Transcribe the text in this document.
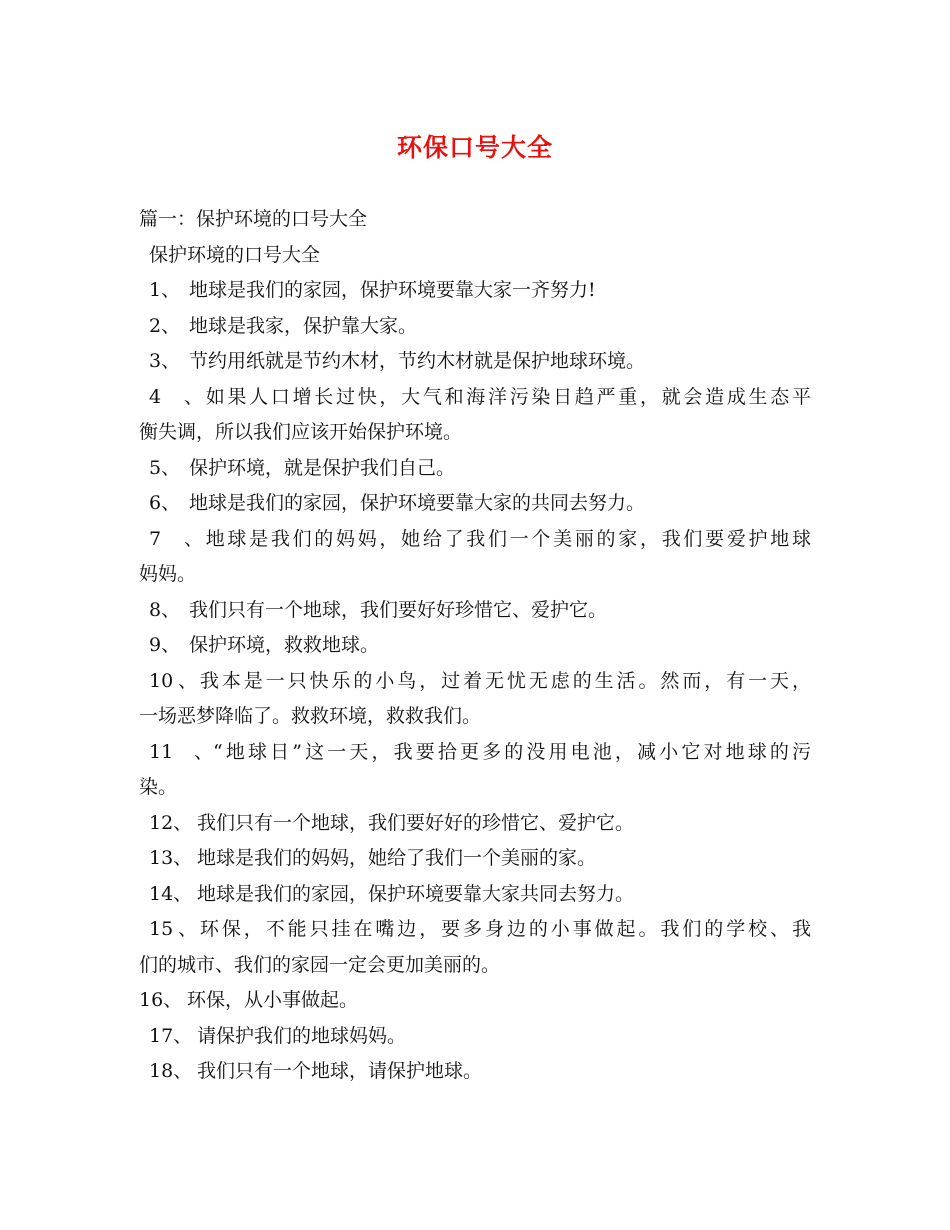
环保口号大全
篇一：保护环境的口号大全
保护环境的口号大全
1、 地球是我们的家园，保护环境要靠大家一齐努力!
2、 地球是我家，保护靠大家。
3、 节约用纸就是节约木材，节约木材就是保护地球环境。
4、如果人口增长过快，大气和海洋污染日趋严重，就会造成生态平
衡失调，所以我们应该开始保护环境。
5、 保护环境，就是保护我们自己。
6、 地球是我们的家园，保护环境要靠大家的共同去努力。
7、地球是我们的妈妈，她给了我们一个美丽的家，我们要爱护地球
妈妈。
8、 我们只有一个地球，我们要好好珍惜它、爱护它。
9、 保护环境，救救地球。
10、我本是一只快乐的小鸟，过着无忧无虑的生活。然而，有一天，
一场恶梦降临了。救救环境，救救我们。
11、“地球日”这一天，我要拾更多的没用电池，减小它对地球的污
染。
12、 我们只有一个地球，我们要好好的珍惜它、爱护它。
13、 地球是我们的妈妈，她给了我们一个美丽的家。
14、 地球是我们的家园，保护环境要靠大家共同去努力。
15、环保，不能只挂在嘴边，要多身边的小事做起。我们的学校、我
们的城市、我们的家园一定会更加美丽的。
16、 环保，从小事做起。
17、 请保护我们的地球妈妈。
18、 我们只有一个地球，请保护地球。
